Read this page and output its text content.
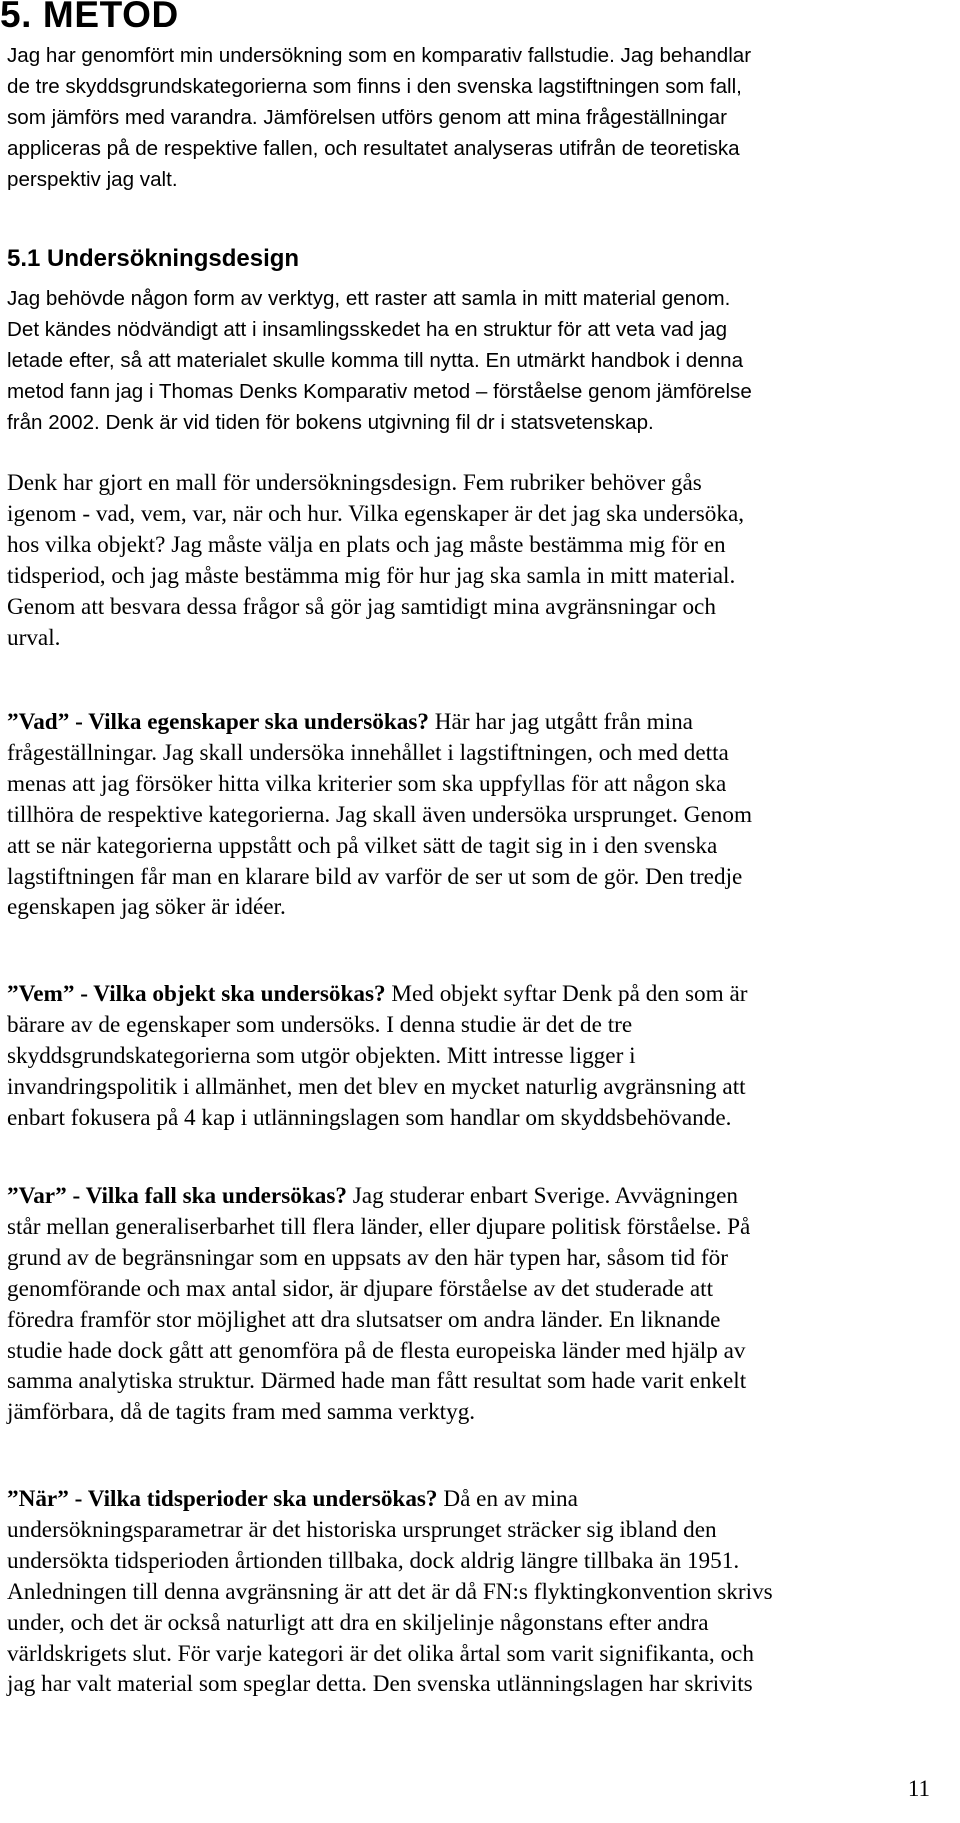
5. METOD

Jag har genomfört min undersökning som en komparativ fallstudie. Jag behandlar
de tre skyddsgrundskategorierna som finns i den svenska lagstiftningen som fall,
som jämförs med varandra. Jämförelsen utförs genom att mina frågeställningar
appliceras på de respektive fallen, och resultatet analyseras utifrån de teoretiska
perspektiv jag valt.

5.1 Undersökningsdesign

Jag behövde någon form av verktyg, ett raster att samla in mitt material genom.
Det kändes nödvändigt att i insamlingsskedet ha en struktur för att veta vad jag
letade efter, så att materialet skulle komma till nytta. En utmärkt handbok i denna
metod fann jag i Thomas Denks Komparativ metod – förståelse genom jämförelse
från 2002. Denk är vid tiden för bokens utgivning fil dr i statsvetenskap.

Denk har gjort en mall för undersökningsdesign. Fem rubriker behöver gås
igenom - vad, vem, var, när och hur. Vilka egenskaper är det jag ska undersöka,
hos vilka objekt? Jag måste välja en plats och jag måste bestämma mig för en
tidsperiod, och jag måste bestämma mig för hur jag ska samla in mitt material.
Genom att besvara dessa frågor så gör jag samtidigt mina avgränsningar och
urval.

”Vad” - Vilka egenskaper ska undersökas? Här har jag utgått från mina
frågeställningar. Jag skall undersöka innehållet i lagstiftningen, och med detta
menas att jag försöker hitta vilka kriterier som ska uppfyllas för att någon ska
tillhöra de respektive kategorierna. Jag skall även undersöka ursprunget. Genom
att se när kategorierna uppstått och på vilket sätt de tagit sig in i den svenska
lagstiftningen får man en klarare bild av varför de ser ut som de gör. Den tredje
egenskapen jag söker är idéer.

”Vem” - Vilka objekt ska undersökas? Med objekt syftar Denk på den som är
bärare av de egenskaper som undersöks. I denna studie är det de tre
skyddsgrundskategorierna som utgör objekten. Mitt intresse ligger i
invandringspolitik i allmänhet, men det blev en mycket naturlig avgränsning att
enbart fokusera på 4 kap i utlänningslagen som handlar om skyddsbehövande.

”Var” - Vilka fall ska undersökas? Jag studerar enbart Sverige. Avvägningen
står mellan generaliserbarhet till flera länder, eller djupare politisk förståelse. På
grund av de begränsningar som en uppsats av den här typen har, såsom tid för
genomförande och max antal sidor, är djupare förståelse av det studerade att
föredra framför stor möjlighet att dra slutsatser om andra länder. En liknande
studie hade dock gått att genomföra på de flesta europeiska länder med hjälp av
samma analytiska struktur. Därmed hade man fått resultat som hade varit enkelt
jämförbara, då de tagits fram med samma verktyg.

”När” - Vilka tidsperioder ska undersökas? Då en av mina
undersökningsparametrar är det historiska ursprunget sträcker sig ibland den
undersökta tidsperioden årtionden tillbaka, dock aldrig längre tillbaka än 1951.
Anledningen till denna avgränsning är att det är då FN:s flyktingkonvention skrivs
under, och det är också naturligt att dra en skiljelinje någonstans efter andra
världskrigets slut. För varje kategori är det olika årtal som varit signifikanta, och
jag har valt material som speglar detta. Den svenska utlänningslagen har skrivits

11
